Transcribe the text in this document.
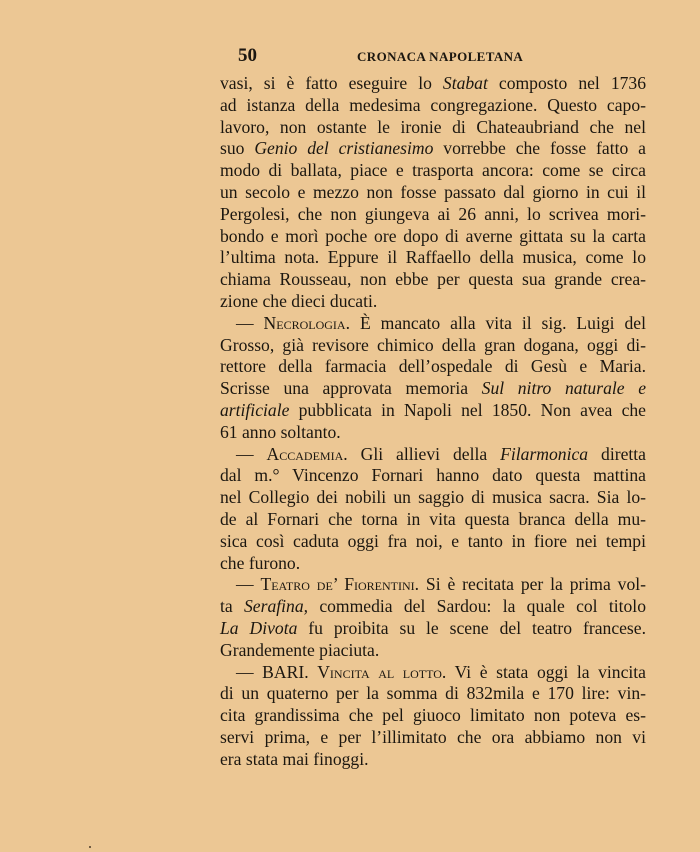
50	CRONACA NAPOLETANA
vasi, si è fatto eseguire lo Stabat composto nel 1736
ad istanza della medesima congregazione. Questo capo-
lavoro, non ostante le ironie di Chateaubriand che nel
suo Genio del cristianesimo vorrebbe che fosse fatto a
modo di ballata, piace e trasporta ancora: come se circa
un secolo e mezzo non fosse passato dal giorno in cui il
Pergolesi, che non giungeva ai 26 anni, lo scrivea mori-
bondo e morì poche ore dopo di averne gittata su la carta
l’ultima nota. Eppure il Raffaello della musica, come lo
chiama Rousseau, non ebbe per questa sua grande crea-
zione che dieci ducati.
— Necrologia. È mancato alla vita il sig. Luigi del
Grosso, già revisore chimico della gran dogana, oggi di-
rettore della farmacia dell’ospedale di Gesù e Maria.
Scrisse una approvata memoria Sul nitro naturale e
artificiale pubblicata in Napoli nel 1850. Non avea che
61 anno soltanto.
— Accademia. Gli allievi della Filarmonica diretta
dal m.° Vincenzo Fornari hanno dato questa mattina
nel Collegio dei nobili un saggio di musica sacra. Sia lo-
de al Fornari che torna in vita questa branca della mu-
sica così caduta oggi fra noi, e tanto in fiore nei tempi
che furono.
— Teatro de’ Fiorentini. Si è recitata per la prima vol-
ta Serafina, commedia del Sardou: la quale col titolo
La Divota fu proibita su le scene del teatro francese.
Grandemente piaciuta.
— BARI. Vincita al lotto. Vi è stata oggi la vincita
di un quaterno per la somma di 832mila e 170 lire: vin-
cita grandissima che pel giuoco limitato non poteva es-
servi prima, e per l’illimitato che ora abbiamo non vi
era stata mai finoggi.
